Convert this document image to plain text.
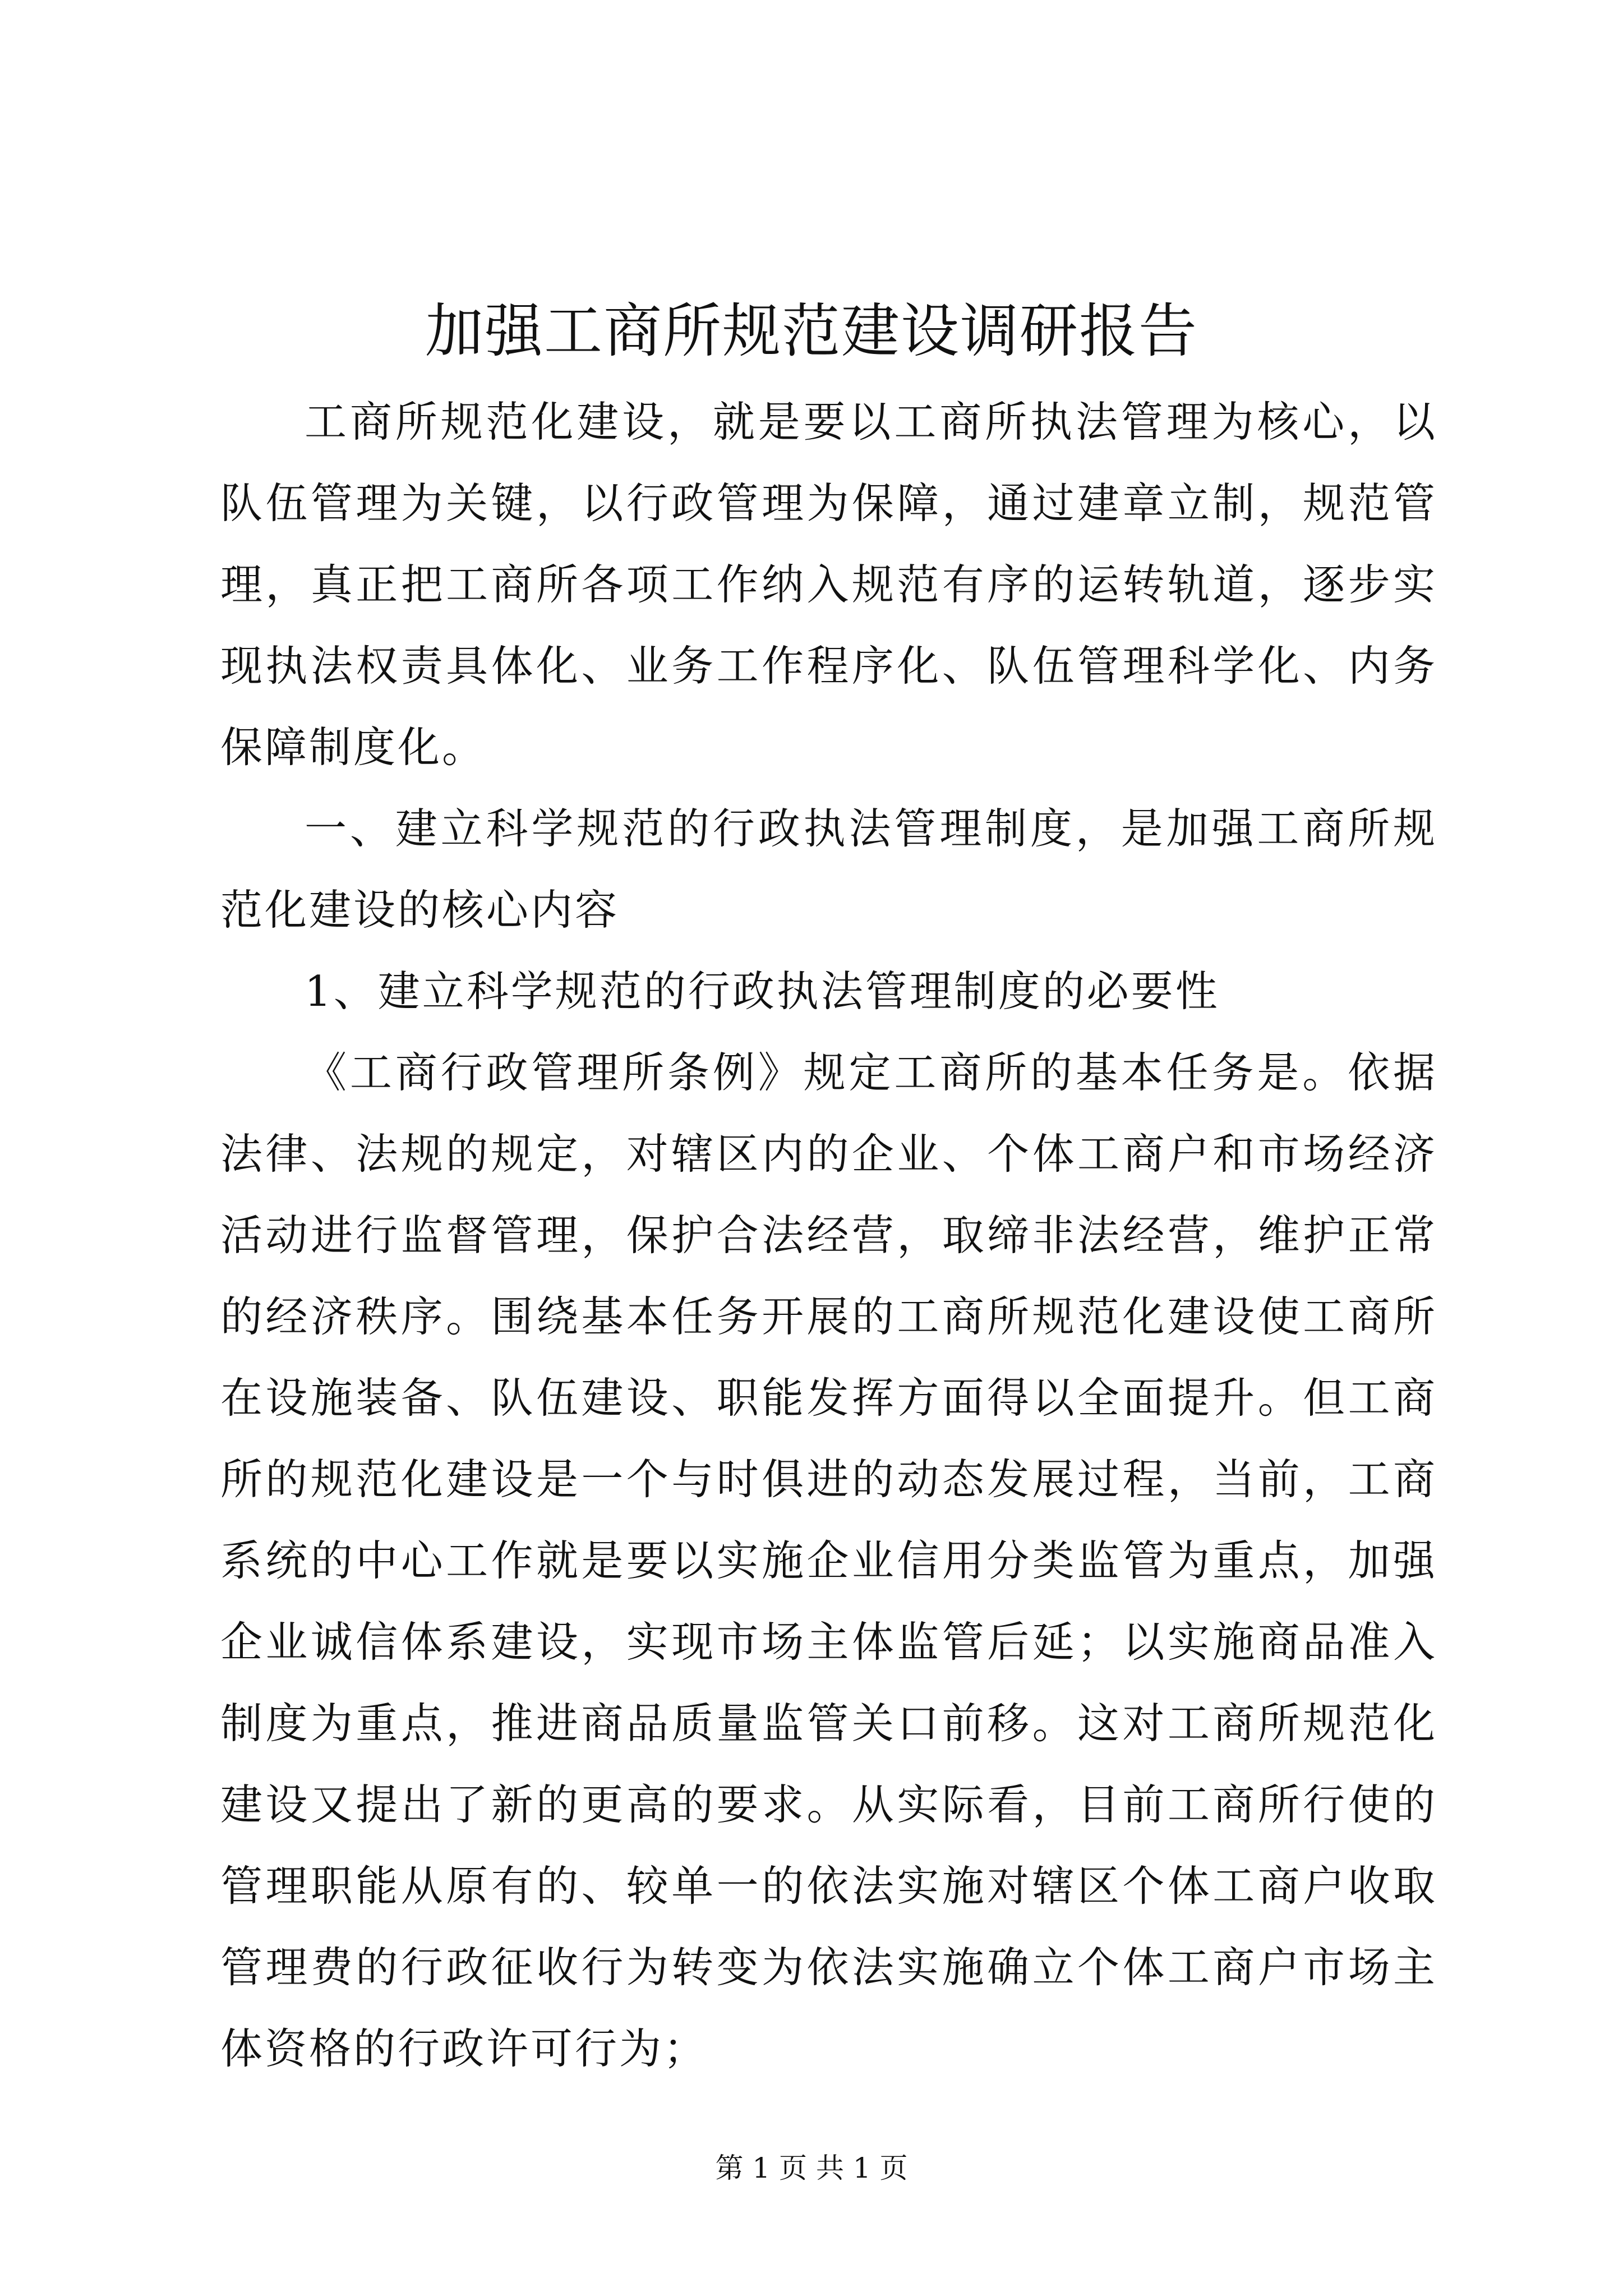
加强工商所规范建设调研报告

工商所规范化建设，就是要以工商所执法管理为核心，以队伍管理为关键，以行政管理为保障，通过建章立制，规范管理，真正把工商所各项工作纳入规范有序的运转轨道，逐步实现执法权责具体化、业务工作程序化、队伍管理科学化、内务保障制度化。

一、建立科学规范的行政执法管理制度，是加强工商所规范化建设的核心内容

1、建立科学规范的行政执法管理制度的必要性

《工商行政管理所条例》规定工商所的基本任务是。依据法律、法规的规定，对辖区内的企业、个体工商户和市场经济活动进行监督管理，保护合法经营，取缔非法经营，维护正常的经济秩序。围绕基本任务开展的工商所规范化建设使工商所在设施装备、队伍建设、职能发挥方面得以全面提升。但工商所的规范化建设是一个与时俱进的动态发展过程，当前，工商系统的中心工作就是要以实施企业信用分类监管为重点，加强企业诚信体系建设，实现市场主体监管后延；以实施商品准入制度为重点，推进商品质量监管关口前移。这对工商所规范化建设又提出了新的更高的要求。从实际看，目前工商所行使的管理职能从原有的、较单一的依法实施对辖区个体工商户收取管理费的行政征收行为转变为依法实施确立个体工商户市场主体资格的行政许可行为；

第 1 页 共 1 页
